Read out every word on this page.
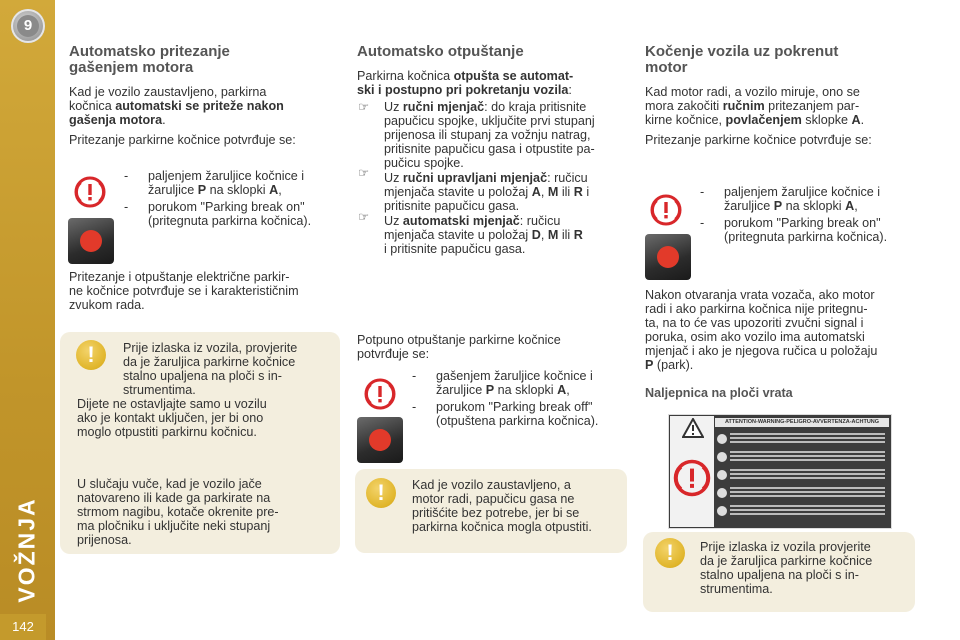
9
VOŽNJA
142
Automatsko pritezanje
gašenjem motora

Kad je vozilo zaustavljeno, parkirna

kočnica automatski se priteže nakon

gašenja motora.

Pritezanje parkirne kočnice potvrđuje se:

- paljenjem žaruljice kočnice i

žaruljice P na sklopki A,

- porukom "Parking break on"

(pritegnuta parkirna kočnica).

Pritezanje i otpuštanje električne parkir-

ne kočnice potvrđuje se i karakterističnim

zvukom rada.

!	Prije izlaska iz vozila, provjerite

da je žaruljica parkirne kočnice

stalno upaljena na ploči s in-

strumentima.

Dijete ne ostavljajte samo u vozilu

ako je kontakt uključen, jer bi ono

moglo otpustiti parkirnu kočnicu.

U slučaju vuče, kad je vozilo jače

natovareno ili kade ga parkirate na

strmom nagibu, kotače okrenite pre-

ma pločniku i uključite neki stupanj

prijenosa.

Automatsko otpuštanje

Parkirna kočnica otpušta se automat-

ski i postupno pri pokretanju vozila:

☞ Uz ručni mjenjač: do kraja pritisnite

papučicu spojke, uključite prvi stupanj

prijenosa ili stupanj za vožnju natrag,

pritisnite papučicu gasa i otpustite pa-

pučicu spojke.

☞ Uz ručni upravljani mjenjač: ručicu

mjenjača stavite u položaj A, M ili R i

pritisnite papučicu gasa.

☞ Uz automatski mjenjač: ručicu

mjenjača stavite u položaj D, M ili R

i pritisnite papučicu gasa.

Potpuno otpuštanje parkirne kočnice

potvrđuje se:

- gašenjem žaruljice kočnice i

žaruljice P na sklopki A,

- porukom "Parking break off"

(otpuštena parkirna kočnica).

!	Kad je vozilo zaustavljeno, a

motor radi, papučicu gasa ne

pritišćite bez potrebe, jer bi se

parkirna kočnica mogla otpustiti.

Kočenje vozila uz pokrenut
motor

Kad motor radi, a vozilo miruje, ono se

mora zakočiti ručnim pritezanjem par-

kirne kočnice, povlačenjem sklopke A.

Pritezanje parkirne kočnice potvrđuje se:

- paljenjem žaruljice kočnice i

žaruljice P na sklopki A,

- porukom "Parking break on"

(pritegnuta parkirna kočnica).

Nakon otvaranja vrata vozača, ako motor

radi i ako parkirna kočnica nije pritegnu-

ta, na to će vas upozoriti zvučni signal i

poruka, osim ako vozilo ima automatski

mjenjač i ako je njegova ručica u položaju

P (park).

Naljepnica na ploči vrata
ATTENTION-WARNING-PELIGRO-AVVERTENZA-ACHTUNG
!	Prije izlaska iz vozila provjerite

da je žaruljica parkirne kočnice

stalno upaljena na ploči s in-

strumentima.
